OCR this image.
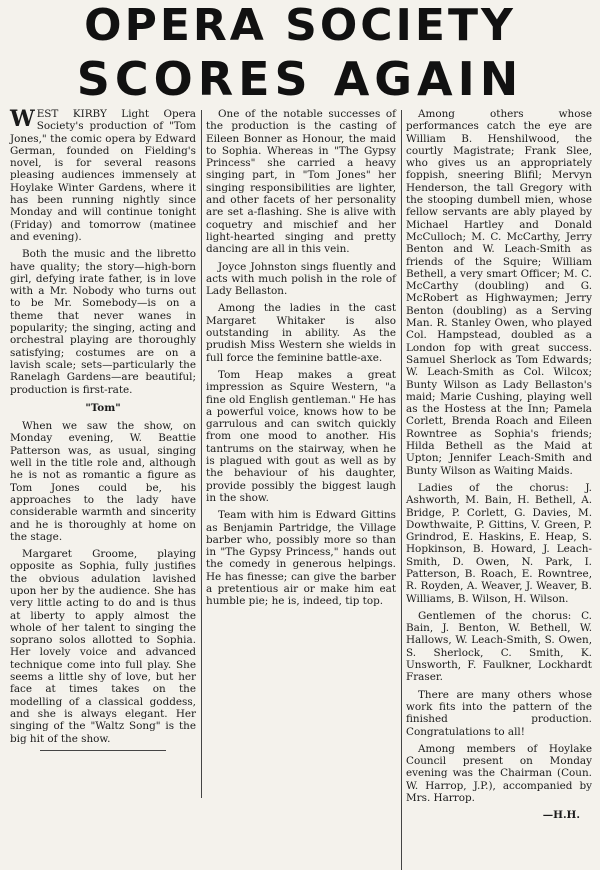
OPERA SOCIETY
SCORES AGAIN

WEST KIRBY Light Opera Society's production of "Tom Jones," the comic opera by Edward German, founded on Fielding's novel, is for several reasons pleasing audiences immensely at Hoylake Winter Gardens, where it has been running nightly since Monday and will continue tonight (Friday) and tomorrow (matinee and evening).

Both the music and the libretto have quality; the story—high-born girl, defying irate father, is in love with a Mr. Nobody who turns out to be Mr. Somebody—is on a theme that never wanes in popularity; the singing, acting and orchestral playing are thoroughly satisfying; costumes are on a lavish scale; sets—particularly the Ranelagh Gardens—are beautiful; production is first-rate.

"Tom"

When we saw the show, on Monday evening, W. Beattie Patterson was, as usual, singing well in the title role and, although he is not as romantic a figure as Tom Jones could be, his approaches to the lady have considerable warmth and sincerity and he is thoroughly at home on the stage.

Margaret Groome, playing opposite as Sophia, fully justifies the obvious adulation lavished upon her by the audience. She has very little acting to do and is thus at liberty to apply almost the whole of her talent to singing the soprano solos allotted to Sophia. Her lovely voice and advanced technique come into full play. She seems a little shy of love, but her face at times takes on the modelling of a classical goddess, and she is always elegant. Her singing of the "Waltz Song" is the big hit of the show.

One of the notable successes of the production is the casting of Eileen Bonner as Honour, the maid to Sophia. Whereas in "The Gypsy Princess" she carried a heavy singing part, in "Tom Jones" her singing responsibilities are lighter, and other facets of her personality are set a-flashing. She is alive with coquetry and mischief and her light-hearted singing and pretty dancing are all in this vein.

Joyce Johnston sings fluently and acts with much polish in the role of Lady Bellaston.

Among the ladies in the cast Margaret Whitaker is also outstanding in ability. As the prudish Miss Western she wields in full force the feminine battle-axe.

Tom Heap makes a great impression as Squire Western, "a fine old English gentleman." He has a powerful voice, knows how to be garrulous and can switch quickly from one mood to another. His tantrums on the stairway, when he is plagued with gout as well as by the behaviour of his daughter, provide possibly the biggest laugh in the show.

Team with him is Edward Gittins as Benjamin Partridge, the Village barber who, possibly more so than in "The Gypsy Princess," hands out the comedy in generous helpings. He has finesse; can give the barber a pretentious air or make him eat humble pie; he is, indeed, tip top.

Among others whose performances catch the eye are William B. Henshilwood, the courtly Magistrate; Frank Slee, who gives us an appropriately foppish, sneering Blifil; Mervyn Henderson, the tall Gregory with the stooping dumbell mien, whose fellow servants are ably played by Michael Hartley and Donald McCulloch; M. C. McCarthy, Jerry Benton and W. Leach-Smith as friends of the Squire; William Bethell, a very smart Officer; M. C. McCarthy (doubling) and G. McRobert as Highwaymen; Jerry Benton (doubling) as a Serving Man. R. Stanley Owen, who played Col. Hampstead, doubled as a London fop with great success. Samuel Sherlock as Tom Edwards; W. Leach-Smith as Col. Wilcox; Bunty Wilson as Lady Bellaston's maid; Marie Cushing, playing well as the Hostess at the Inn; Pamela Corlett, Brenda Roach and Eileen Rowntree as Sophia's friends; Hilda Bethell as the Maid at Upton; Jennifer Leach-Smith and Bunty Wilson as Waiting Maids.

Ladies of the chorus: J. Ashworth, M. Bain, H. Bethell, A. Bridge, P. Corlett, G. Davies, M. Dowthwaite, P. Gittins, V. Green, P. Grindrod, E. Haskins, E. Heap, S. Hopkinson, B. Howard, J. Leach-Smith, D. Owen, N. Park, I. Patterson, B. Roach, E. Rowntree, R. Royden, A. Weaver, J. Weaver, B. Williams, B. Wilson, H. Wilson.

Gentlemen of the chorus: C. Bain, J. Benton, W. Bethell, W. Hallows, W. Leach-Smith, S. Owen, S. Sherlock, C. Smith, K. Unsworth, F. Faulkner, Lockhardt Fraser.

There are many others whose work fits into the pattern of the finished production. Congratulations to all!

Among members of Hoylake Council present on Monday evening was the Chairman (Coun. W. Harrop, J.P.), accompanied by Mrs. Harrop.

—H.H.
